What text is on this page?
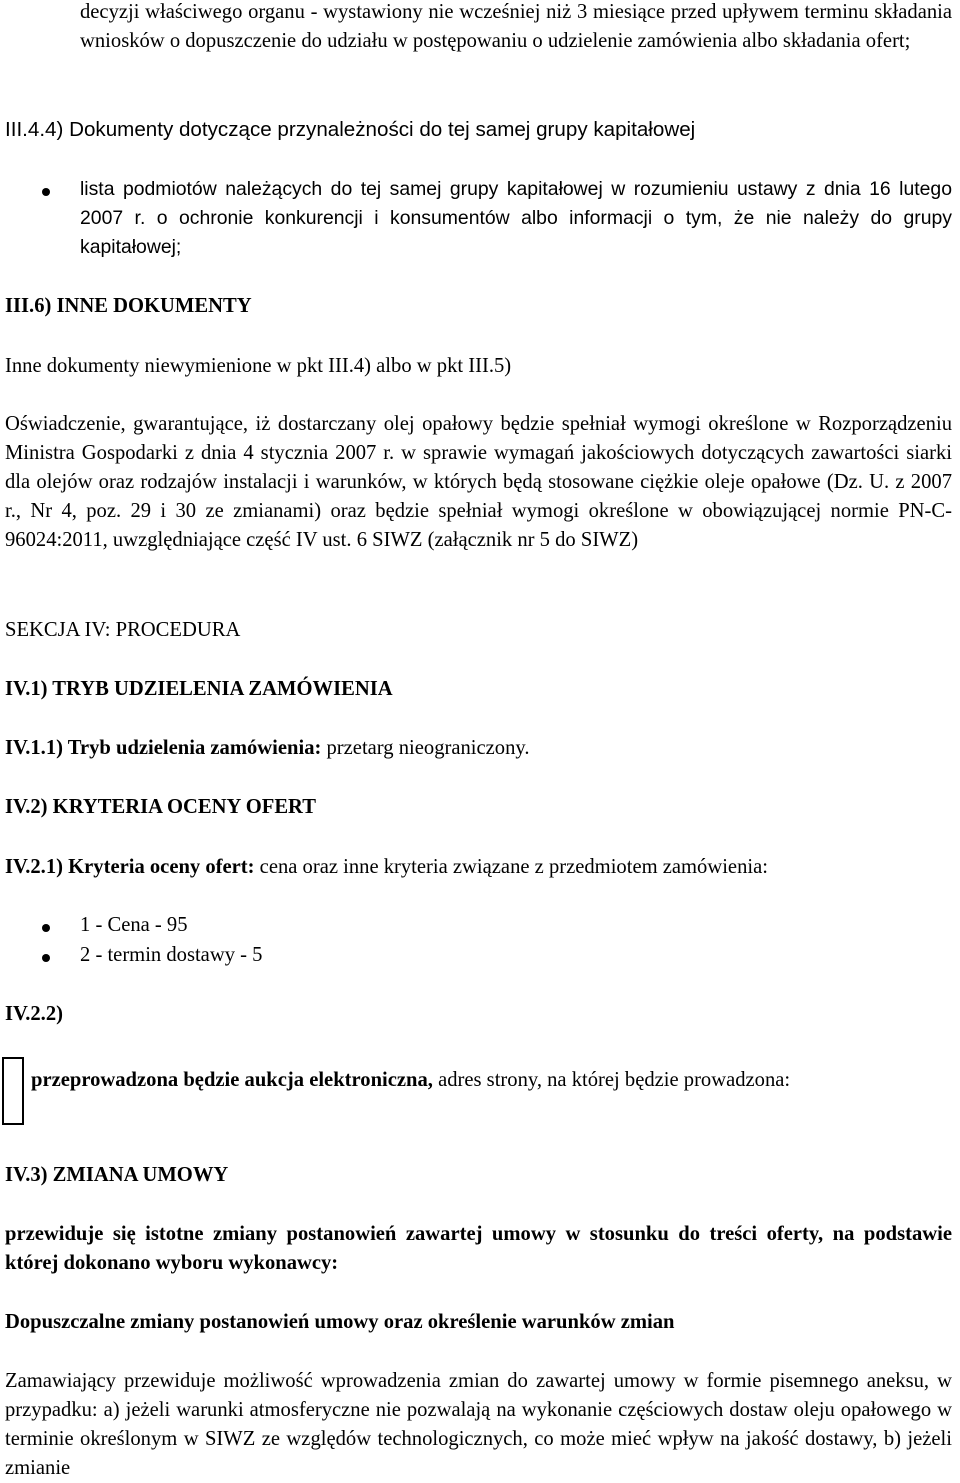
decyzji właściwego organu - wystawiony nie wcześniej niż 3 miesiące przed upływem terminu składania wniosków o dopuszczenie do udziału w postępowaniu o udzielenie zamówienia albo składania ofert;
III.4.4) Dokumenty dotyczące przynależności do tej samej grupy kapitałowej
lista podmiotów należących do tej samej grupy kapitałowej w rozumieniu ustawy z dnia 16 lutego 2007 r. o ochronie konkurencji i konsumentów albo informacji o tym, że nie należy do grupy kapitałowej;
III.6) INNE DOKUMENTY
Inne dokumenty niewymienione w pkt III.4) albo w pkt III.5)
Oświadczenie, gwarantujące, iż dostarczany olej opałowy będzie spełniał wymogi określone w Rozporządzeniu Ministra Gospodarki z dnia 4 stycznia 2007 r. w sprawie wymagań jakościowych dotyczących zawartości siarki dla olejów oraz rodzajów instalacji i warunków, w których będą stosowane ciężkie oleje opałowe (Dz. U. z 2007 r., Nr 4, poz. 29 i 30 ze zmianami) oraz będzie spełniał wymogi określone w obowiązującej normie PN-C-96024:2011, uwzględniające część IV ust. 6 SIWZ (załącznik nr 5 do SIWZ)
SEKCJA IV: PROCEDURA
IV.1) TRYB UDZIELENIA ZAMÓWIENIA
IV.1.1) Tryb udzielenia zamówienia: przetarg nieograniczony.
IV.2) KRYTERIA OCENY OFERT
IV.2.1) Kryteria oceny ofert: cena oraz inne kryteria związane z przedmiotem zamówienia:
1 - Cena - 95
2 - termin dostawy - 5
IV.2.2)
przeprowadzona będzie aukcja elektroniczna, adres strony, na której będzie prowadzona:
IV.3) ZMIANA UMOWY
przewiduje się istotne zmiany postanowień zawartej umowy w stosunku do treści oferty, na podstawie której dokonano wyboru wykonawcy:
Dopuszczalne zmiany postanowień umowy oraz określenie warunków zmian
Zamawiający przewiduje możliwość wprowadzenia zmian do zawartej umowy w formie pisemnego aneksu, w przypadku: a) jeżeli warunki atmosferyczne nie pozwalają na wykonanie częściowych dostaw oleju opałowego w terminie określonym w SIWZ ze względów technologicznych, co może mieć wpływ na jakość dostawy, b) jeżeli zmianie
